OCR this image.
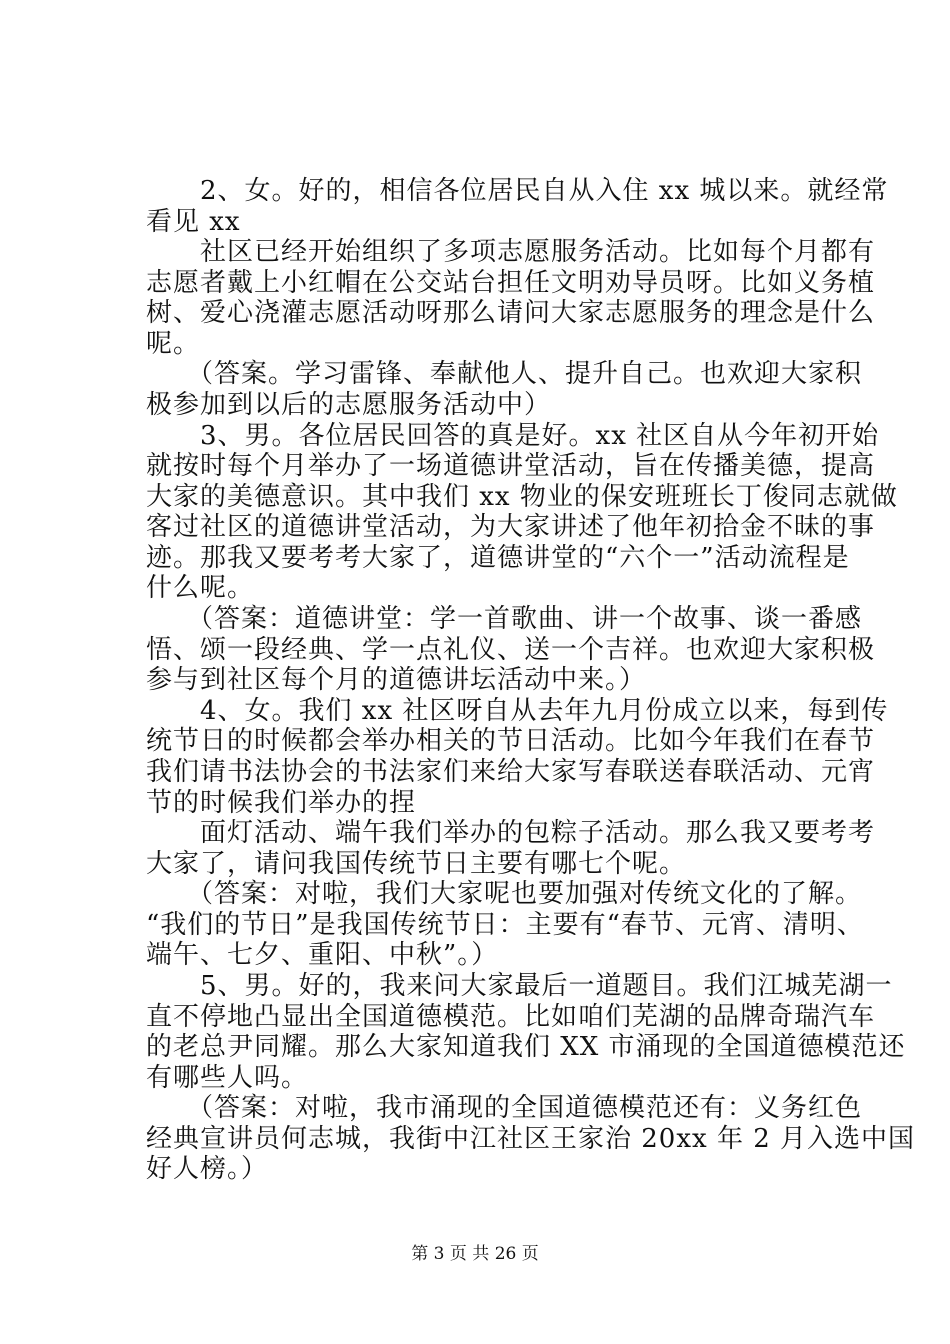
　　2、女。好的，相信各位居民自从入住 xx 城以来。就经常
看见 xx
　　社区已经开始组织了多项志愿服务活动。比如每个月都有
志愿者戴上小红帽在公交站台担任文明劝导员呀。比如义务植
树、爱心浇灌志愿活动呀那么请问大家志愿服务的理念是什么
呢。
　　（答案。学习雷锋、奉献他人、提升自己。也欢迎大家积
极参加到以后的志愿服务活动中）
　　3、男。各位居民回答的真是好。xx 社区自从今年初开始
就按时每个月举办了一场道德讲堂活动，旨在传播美德，提高
大家的美德意识。其中我们 xx 物业的保安班班长丁俊同志就做
客过社区的道德讲堂活动，为大家讲述了他年初拾金不昧的事
迹。那我又要考考大家了，道德讲堂的“六个一”活动流程是
什么呢。
　　（答案：道德讲堂：学一首歌曲、讲一个故事、谈一番感
悟、颂一段经典、学一点礼仪、送一个吉祥。也欢迎大家积极
参与到社区每个月的道德讲坛活动中来。）
　　4、女。我们 xx 社区呀自从去年九月份成立以来，每到传
统节日的时候都会举办相关的节日活动。比如今年我们在春节
我们请书法协会的书法家们来给大家写春联送春联活动、元宵
节的时候我们举办的捏
　　面灯活动、端午我们举办的包粽子活动。那么我又要考考
大家了，请问我国传统节日主要有哪七个呢。
　　（答案：对啦，我们大家呢也要加强对传统文化的了解。
“我们的节日”是我国传统节日：主要有“春节、元宵、清明、
端午、七夕、重阳、中秋”。）
　　5、男。好的，我来问大家最后一道题目。我们江城芜湖一
直不停地凸显出全国道德模范。比如咱们芜湖的品牌奇瑞汽车
的老总尹同耀。那么大家知道我们 XX 市涌现的全国道德模范还
有哪些人吗。
　　（答案：对啦，我市涌现的全国道德模范还有：义务红色
经典宣讲员何志城，我街中江社区王家治 20xx 年 2 月入选中国
好人榜。）
第 3 页 共 26 页
